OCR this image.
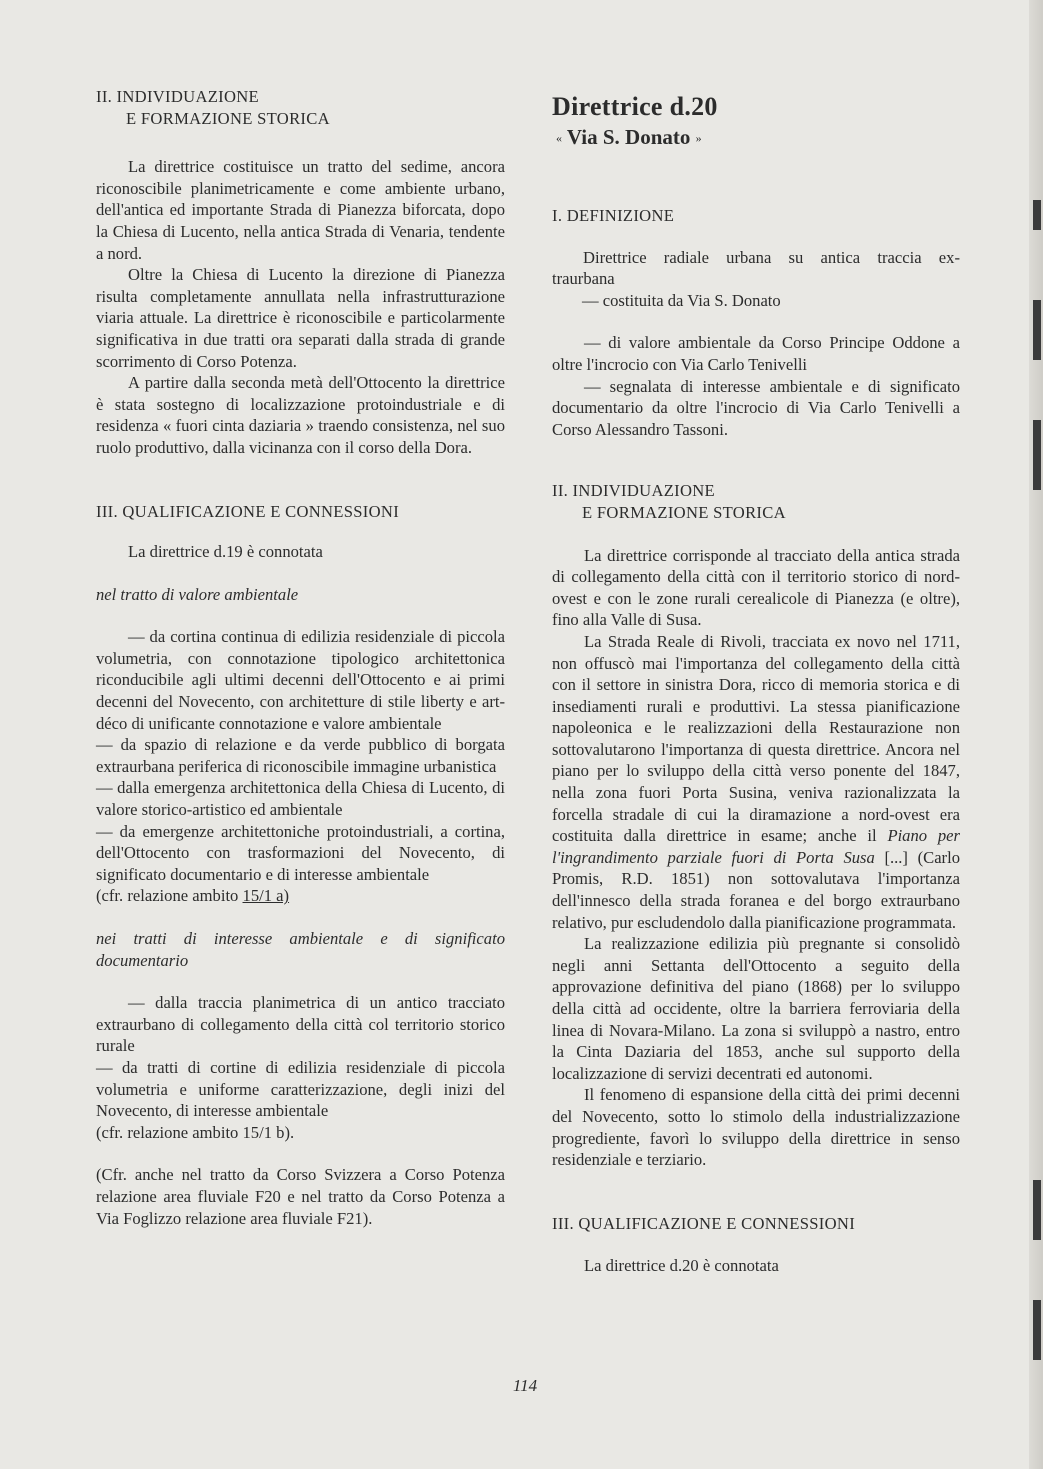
II. INDIVIDUAZIONE
E FORMAZIONE STORICA

La direttrice costituisce un tratto del sedime, ancora riconoscibile planimetricamente e come ambiente urbano, dell'antica ed importante Strada di Pianezza biforcata, dopo la Chiesa di Lucento, nella antica Strada di Venaria, tendente a nord.

Oltre la Chiesa di Lucento la direzione di Pianezza risulta completamente annullata nella infrastrutturazione viaria attuale. La direttrice è riconoscibile e particolarmente significativa in due tratti ora separati dalla strada di grande scorrimento di Corso Potenza.

A partire dalla seconda metà dell'Ottocento la direttrice è stata sostegno di localizzazione protoindustriale e di residenza « fuori cinta daziaria » traendo consistenza, nel suo ruolo produttivo, dalla vicinanza con il corso della Dora.

III. QUALIFICAZIONE E CONNESSIONI

La direttrice d.19 è connotata

nel tratto di valore ambientale

— da cortina continua di edilizia residenziale di piccola volumetria, con connotazione tipologico architettonica riconducibile agli ultimi decenni dell'Ottocento e ai primi decenni del Novecento, con architetture di stile liberty e art-déco di unificante connotazione e valore ambientale

— da spazio di relazione e da verde pubblico di borgata extraurbana periferica di riconoscibile immagine urbanistica

— dalla emergenza architettonica della Chiesa di Lucento, di valore storico-artistico ed ambientale

— da emergenze architettoniche protoindustriali, a cortina, dell'Ottocento con trasformazioni del Novecento, di significato documentario e di interesse ambientale

(cfr. relazione ambito 15/1 a)

nei tratti di interesse ambientale e di significato documentario

— dalla traccia planimetrica di un antico tracciato extraurbano di collegamento della città col territorio storico rurale

— da tratti di cortine di edilizia residenziale di piccola volumetria e uniforme caratterizzazione, degli inizi del Novecento, di interesse ambientale

(cfr. relazione ambito 15/1 b).

(Cfr. anche nel tratto da Corso Svizzera a Corso Potenza relazione area fluviale F20 e nel tratto da Corso Potenza a Via Foglizzo relazione area fluviale F21).

Direttrice d.20
« Via S. Donato »
I. DEFINIZIONE
Direttrice radiale urbana su antica traccia ex-
traurbana
— costituita da Via S. Donato

— di valore ambientale da Corso Principe Oddone a oltre l'incrocio con Via Carlo Tenivelli

— segnalata di interesse ambientale e di significato documentario da oltre l'incrocio di Via Carlo Tenivelli a Corso Alessandro Tassoni.

II. INDIVIDUAZIONE
E FORMAZIONE STORICA

La direttrice corrisponde al tracciato della antica strada di collegamento della città con il territorio storico di nord-ovest e con le zone rurali cerealicole di Pianezza (e oltre), fino alla Valle di Susa.

La Strada Reale di Rivoli, tracciata ex novo nel 1711, non offuscò mai l'importanza del collegamento della città con il settore in sinistra Dora, ricco di memoria storica e di insediamenti rurali e produttivi. La stessa pianificazione napoleonica e le realizzazioni della Restaurazione non sottovalutarono l'importanza di questa direttrice. Ancora nel piano per lo sviluppo della città verso ponente del 1847, nella zona fuori Porta Susina, veniva razionalizzata la forcella stradale di cui la diramazione a nord-ovest era costituita dalla direttrice in esame; anche il Piano per l'ingrandimento parziale fuori di Porta Susa [...] (Carlo Promis, R.D. 1851) non sottovalutava l'importanza dell'innesco della strada foranea e del borgo extraurbano relativo, pur escludendolo dalla pianificazione programmata.

La realizzazione edilizia più pregnante si consolidò negli anni Settanta dell'Ottocento a seguito della approvazione definitiva del piano (1868) per lo sviluppo della città ad occidente, oltre la barriera ferroviaria della linea di Novara-Milano. La zona si sviluppò a nastro, entro la Cinta Daziaria del 1853, anche sul supporto della localizzazione di servizi decentrati ed autonomi.

Il fenomeno di espansione della città dei primi decenni del Novecento, sotto lo stimolo della industrializzazione progrediente, favorì lo sviluppo della direttrice in senso residenziale e terziario.

III. QUALIFICAZIONE E CONNESSIONI

La direttrice d.20 è connotata

114
